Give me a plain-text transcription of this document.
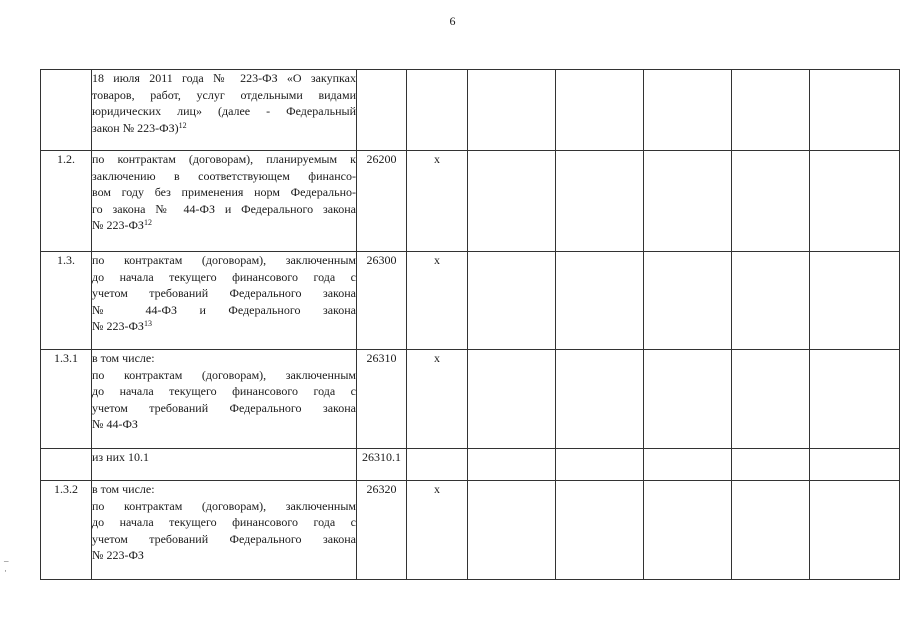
6

	18 июля 2011 года № 223-ФЗ «О закупках
товаров, работ, услуг отдельными видами
юридических лиц» (далее - Федеральный
закон № 223-ФЗ)$^{12}$

1.2.	по контрактам (договорам), планируемым к
заключению в соответствующем финансо-
вом году без применения норм Федерально-
го закона № 44-ФЗ и Федерального закона
№ 223-ФЗ$^{12}$	26200	x					
1.3.	по контрактам (договорам), заключенным
до начала текущего финансового года с
учетом требований Федерального закона
№ 44-ФЗ и Федерального закона
№ 223-ФЗ$^{13}$	26300	x					
1.3.1	в том числе:
по контрактам (договорам), заключенным
до начала текущего финансового года с
учетом требований Федерального закона
№ 44-ФЗ	26310	x					

	из них 10.1	26310.1						
1.3.2	в том числе:
по контрактам (договорам), заключенным
до начала текущего финансового года с
учетом требований Федерального закона
№ 223-ФЗ	26320	x					
–
·
